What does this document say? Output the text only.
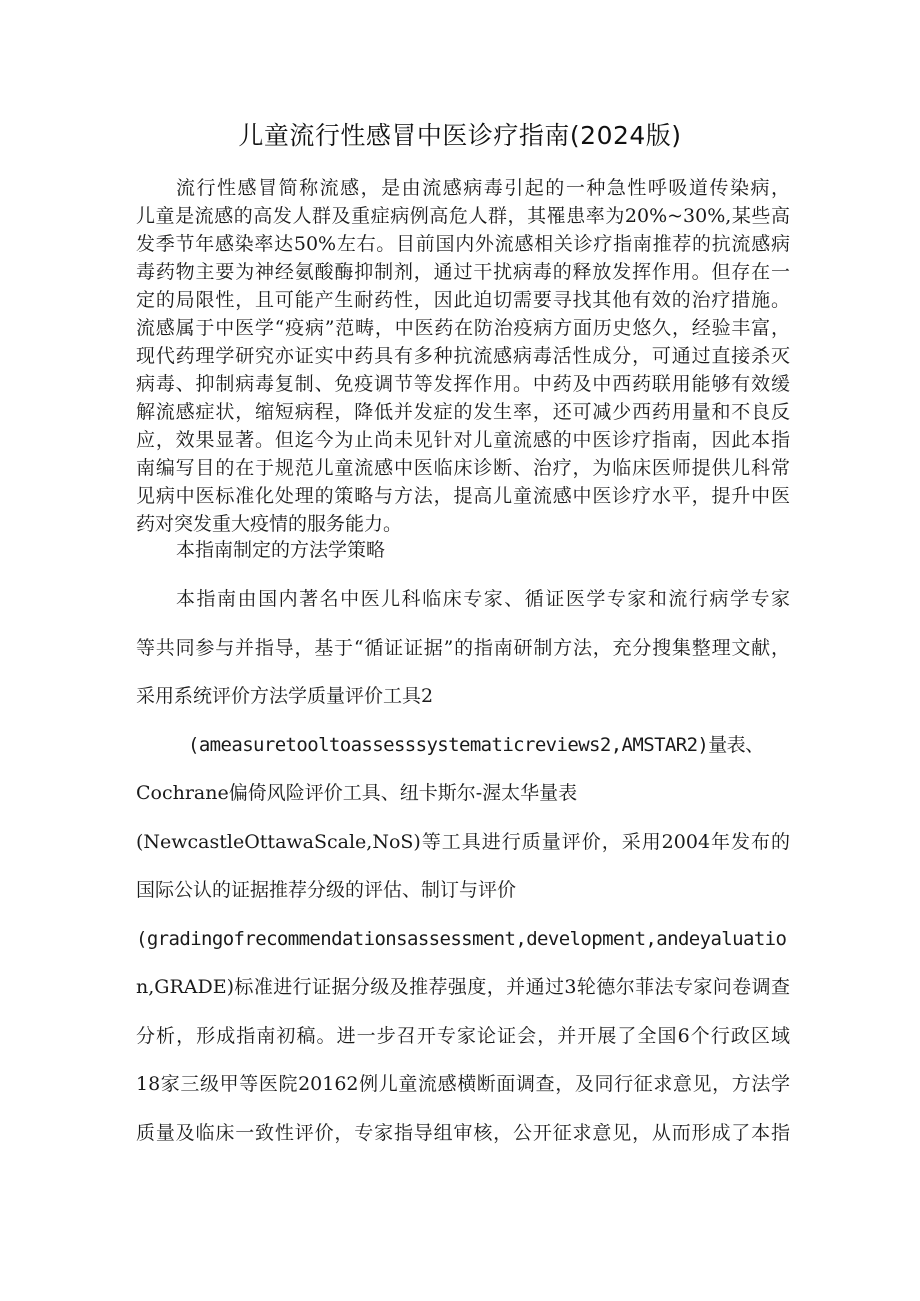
儿童流行性感冒中医诊疗指南(2024版)
流行性感冒简称流感，是由流感病毒引起的一种急性呼吸道传染病，
儿童是流感的高发人群及重症病例高危人群，其罹患率为20%~30%,某些高
发季节年感染率达50%左右。目前国内外流感相关诊疗指南推荐的抗流感病
毒药物主要为神经氨酸酶抑制剂，通过干扰病毒的释放发挥作用。但存在一
定的局限性，且可能产生耐药性，因此迫切需要寻找其他有效的治疗措施。
流感属于中医学“疫病”范畴，中医药在防治疫病方面历史悠久，经验丰富，
现代药理学研究亦证实中药具有多种抗流感病毒活性成分，可通过直接杀灭
病毒、抑制病毒复制、免疫调节等发挥作用。中药及中西药联用能够有效缓
解流感症状，缩短病程，降低并发症的发生率，还可减少西药用量和不良反
应，效果显著。但迄今为止尚未见针对儿童流感的中医诊疗指南，因此本指
南编写目的在于规范儿童流感中医临床诊断、治疗，为临床医师提供儿科常
见病中医标准化处理的策略与方法，提高儿童流感中医诊疗水平，提升中医
药对突发重大疫情的服务能力。
本指南制定的方法学策略
本指南由国内著名中医儿科临床专家、循证医学专家和流行病学专家
等共同参与并指导，基于“循证证据”的指南研制方法，充分搜集整理文献，
采用系统评价方法学质量评价工具2
(ameasuretooltoassesssystematicreviews2,AMSTAR2)量表、
Cochrane偏倚风险评价工具、纽卡斯尔-渥太华量表
(NewcastleOttawaScale,NoS)等工具进行质量评价，采用2004年发布的
国际公认的证据推荐分级的评估、制订与评价
(gradingofrecommendationsassessment,development,andeyaluatio
n,GRADE)标准进行证据分级及推荐强度，并通过3轮德尔菲法专家问卷调查
分析，形成指南初稿。进一步召开专家论证会，并开展了全国6个行政区域
18家三级甲等医院20162例儿童流感横断面调查，及同行征求意见，方法学
质量及临床一致性评价，专家指导组审核，公开征求意见，从而形成了本指
